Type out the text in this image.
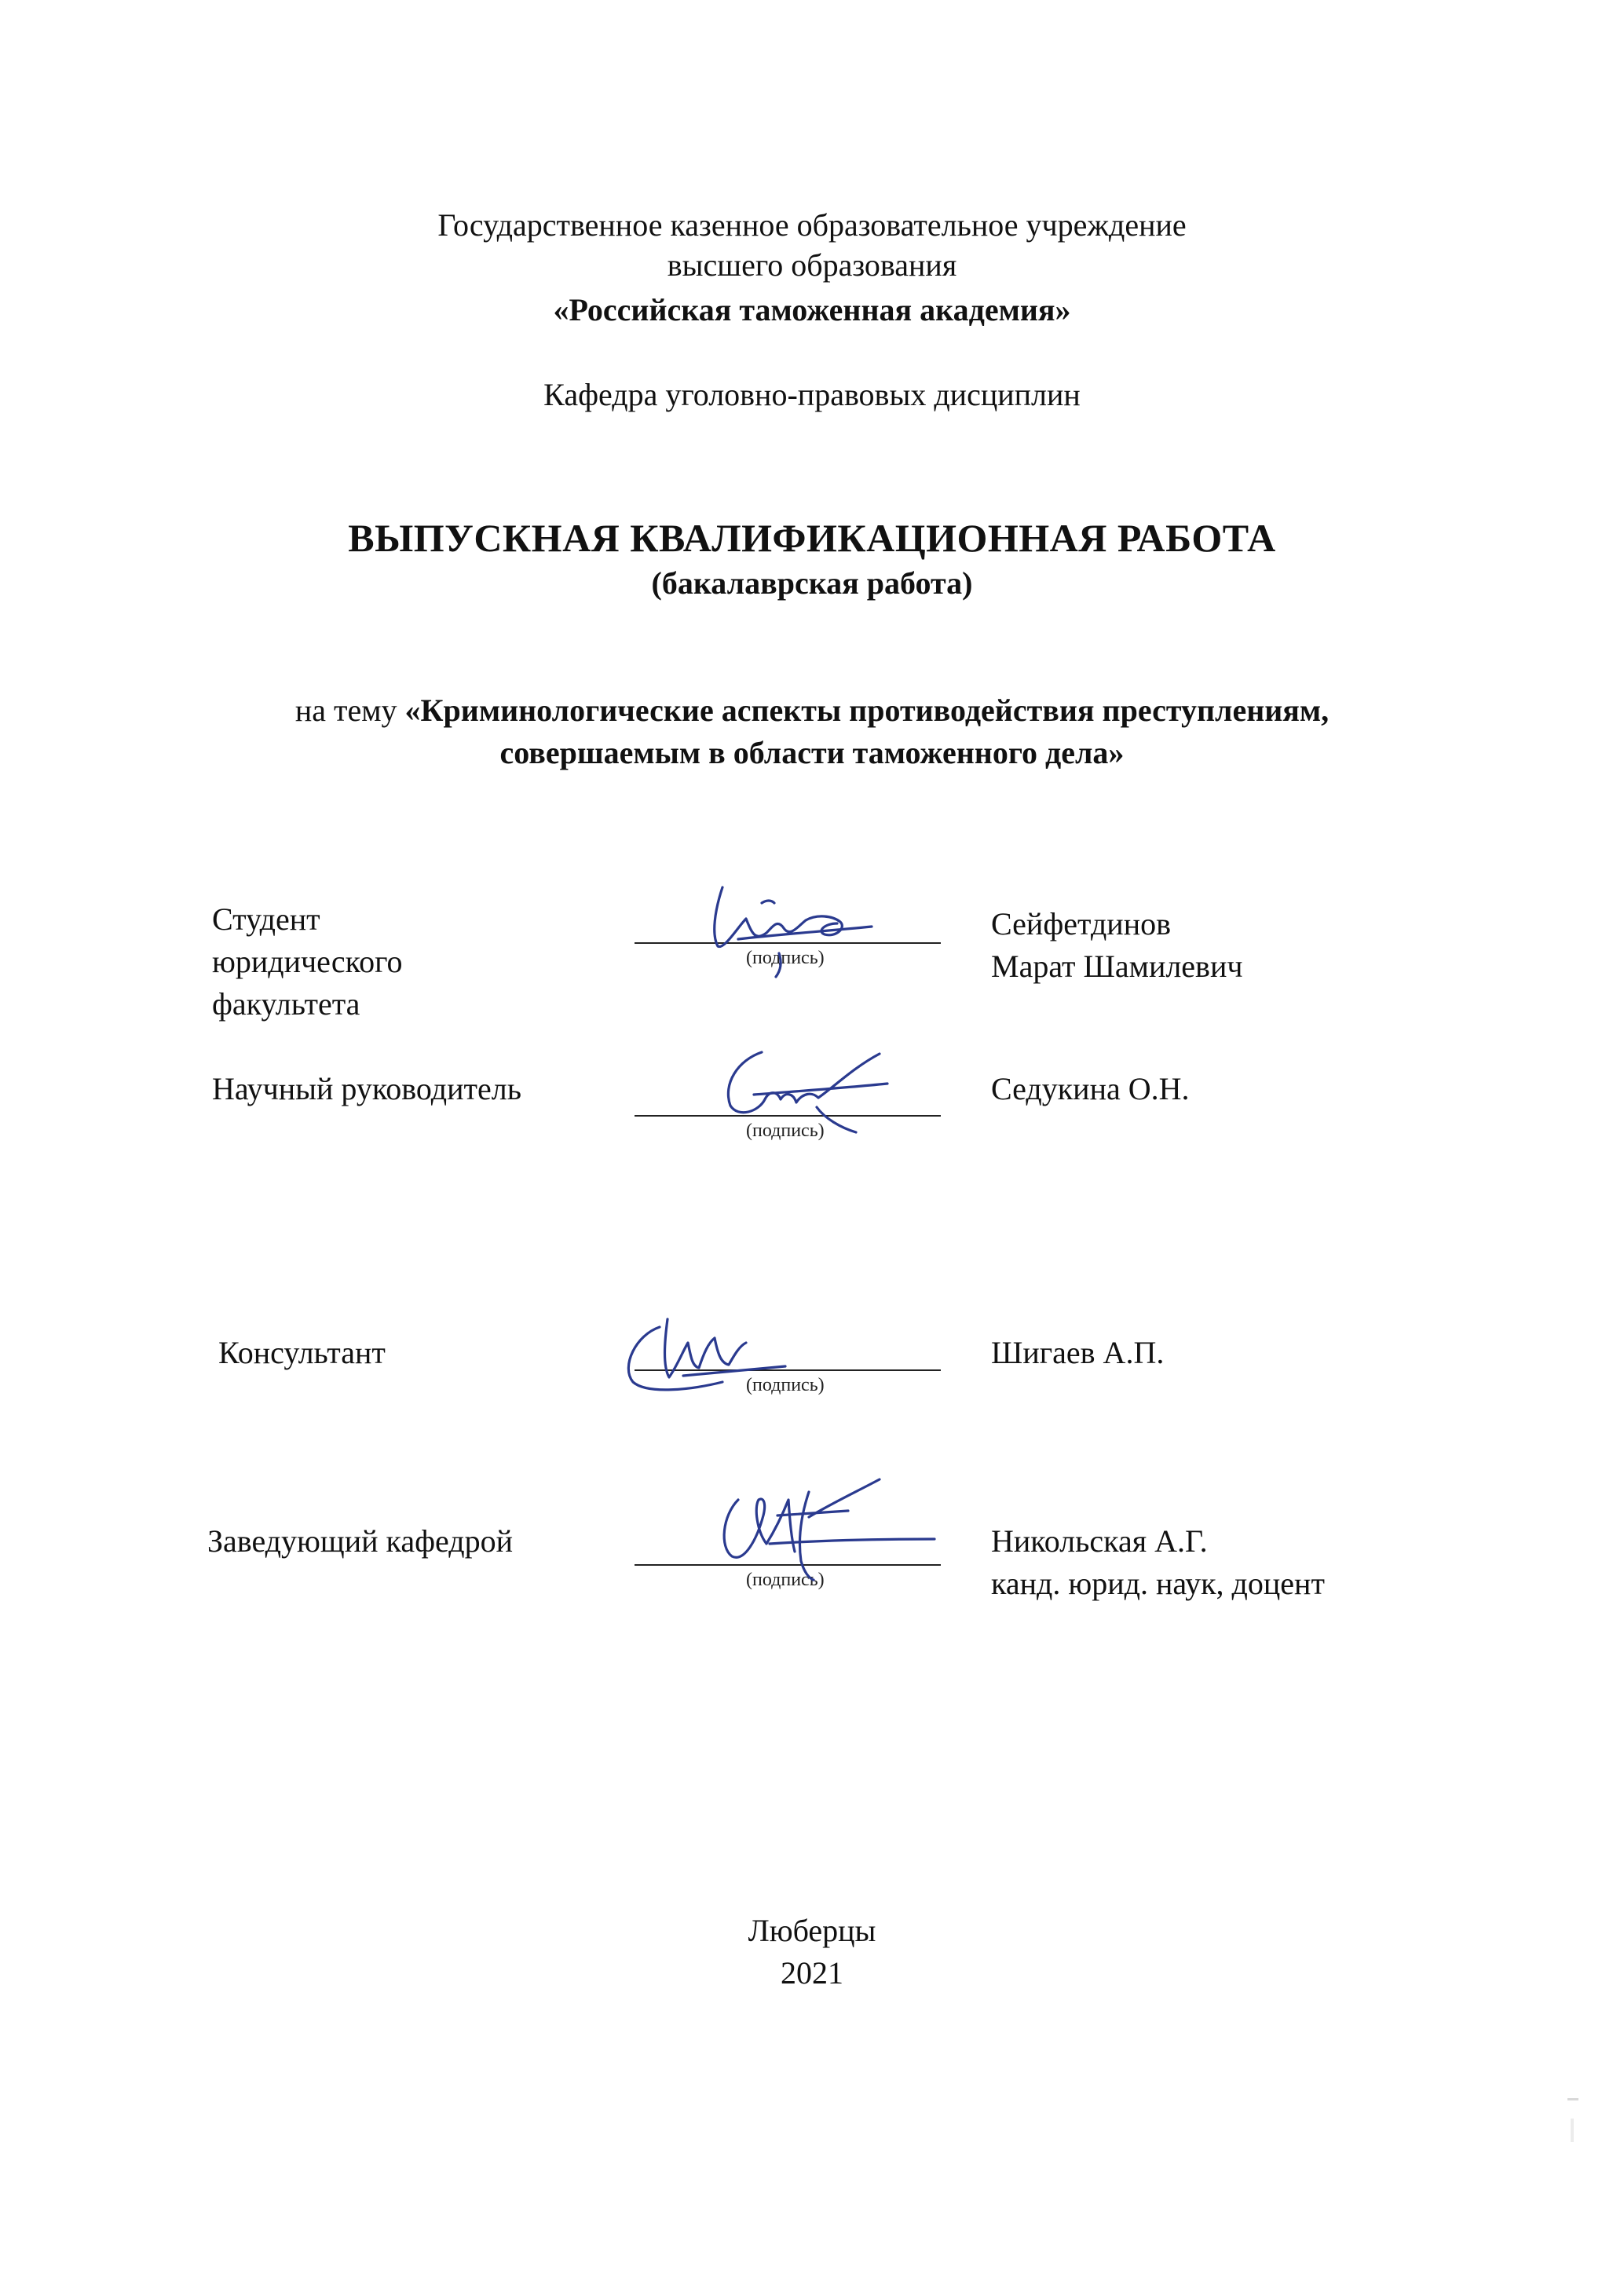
Государственное казенное образовательное учреждение
высшего образования
«Российская таможенная академия»
Кафедра уголовно-правовых дисциплин
ВЫПУСКНАЯ КВАЛИФИКАЦИОННАЯ РАБОТА
(бакалаврская работа)
на тему «Криминологические аспекты противодействия преступлениям,
совершаемым в области таможенного дела»
Студент
юридического
факультета
(подпись)
Сейфетдинов
Марат Шамилевич
Научный руководитель
(подпись)
Седукина О.Н.
Консультант
(подпись)
Шигаев А.П.
Заведующий кафедрой
(подпись)
Никольская А.Г.
канд. юрид. наук, доцент
Люберцы
2021
